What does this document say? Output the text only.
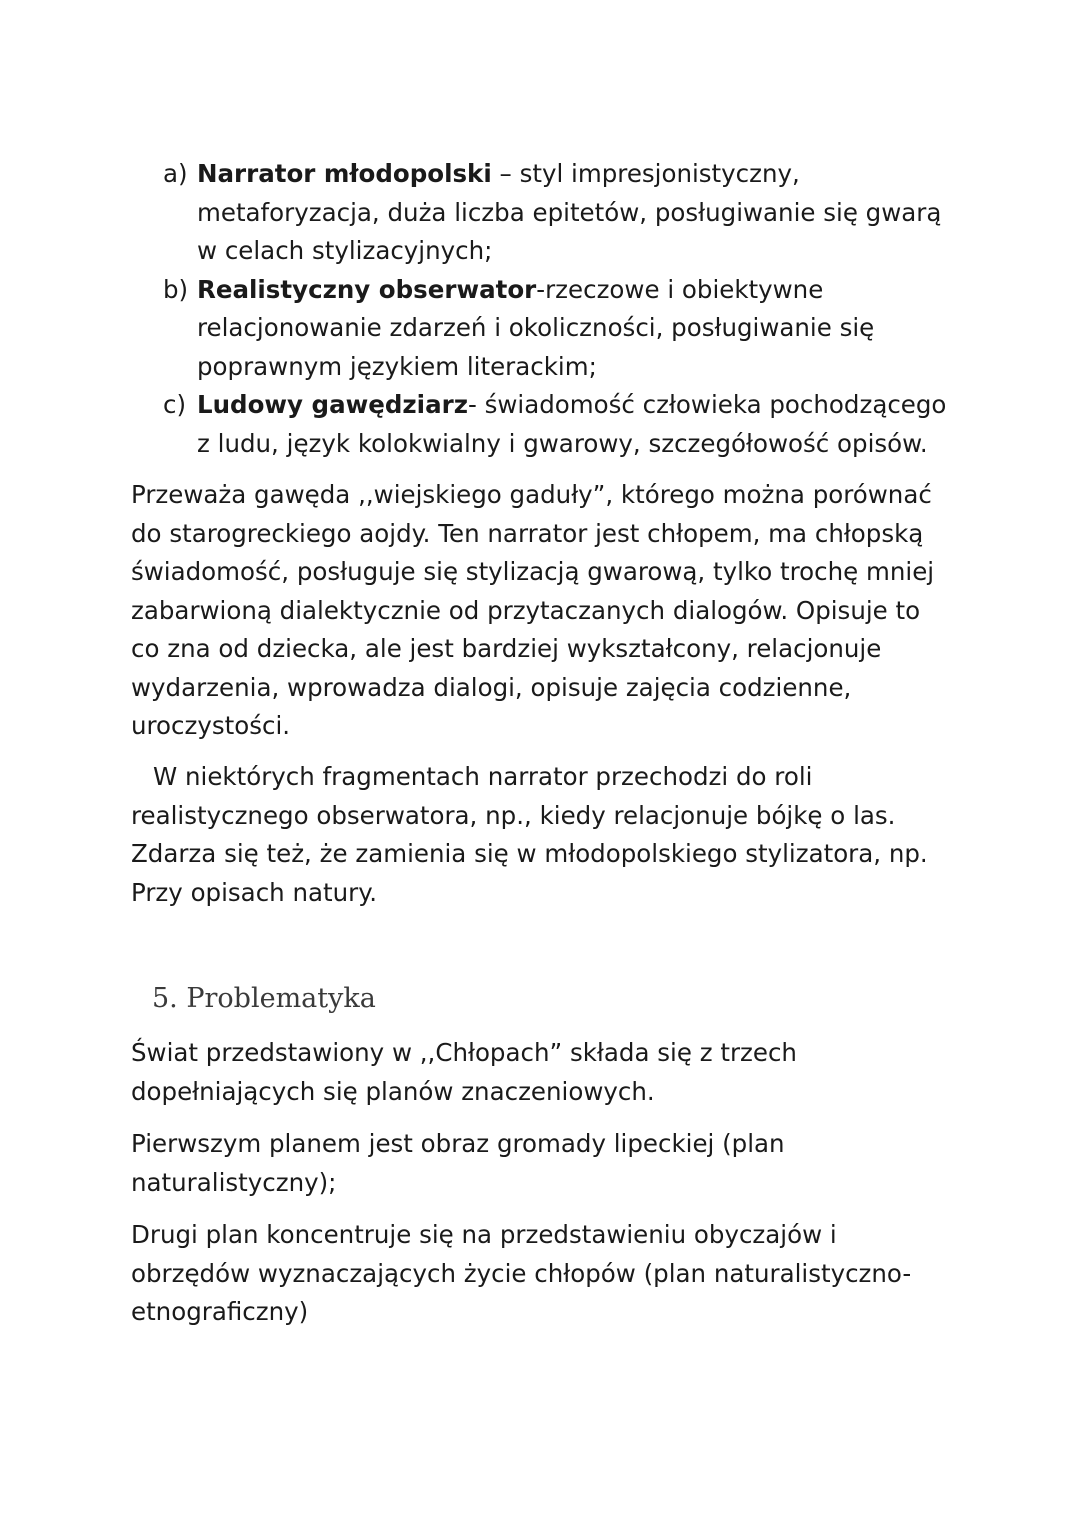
a) Narrator młodopolski – styl impresjonistyczny, metaforyzacja, duża liczba epitetów, posługiwanie się gwarą w celach stylizacyjnych;
b) Realistyczny obserwator-rzeczowe i obiektywne relacjonowanie zdarzeń i okoliczności, posługiwanie się poprawnym językiem literackim;
c) Ludowy gawędziarz- świadomość człowieka pochodzącego z ludu, język kolokwialny i gwarowy, szczegółowość opisów.

Przeważa gawęda ,,wiejskiego gaduły”, którego można porównać do starogreckiego aojdy. Ten narrator jest chłopem, ma chłopską świadomość, posługuje się stylizacją gwarową, tylko trochę mniej zabarwioną dialektycznie od przytaczanych dialogów. Opisuje to co zna od dziecka, ale jest bardziej wykształcony, relacjonuje wydarzenia, wprowadza dialogi, opisuje zajęcia codzienne, uroczystości.

W niektórych fragmentach narrator przechodzi do roli realistycznego obserwatora, np., kiedy relacjonuje bójkę o las. Zdarza się też, że zamienia się w młodopolskiego stylizatora, np. Przy opisach natury.

5. Problematyka

Świat przedstawiony w ,,Chłopach” składa się z trzech dopełniających się planów znaczeniowych.

Pierwszym planem jest obraz gromady lipeckiej (plan naturalistyczny);

Drugi plan koncentruje się na przedstawieniu obyczajów i obrzędów wyznaczających życie chłopów (plan naturalistyczno-etnograficzny)
